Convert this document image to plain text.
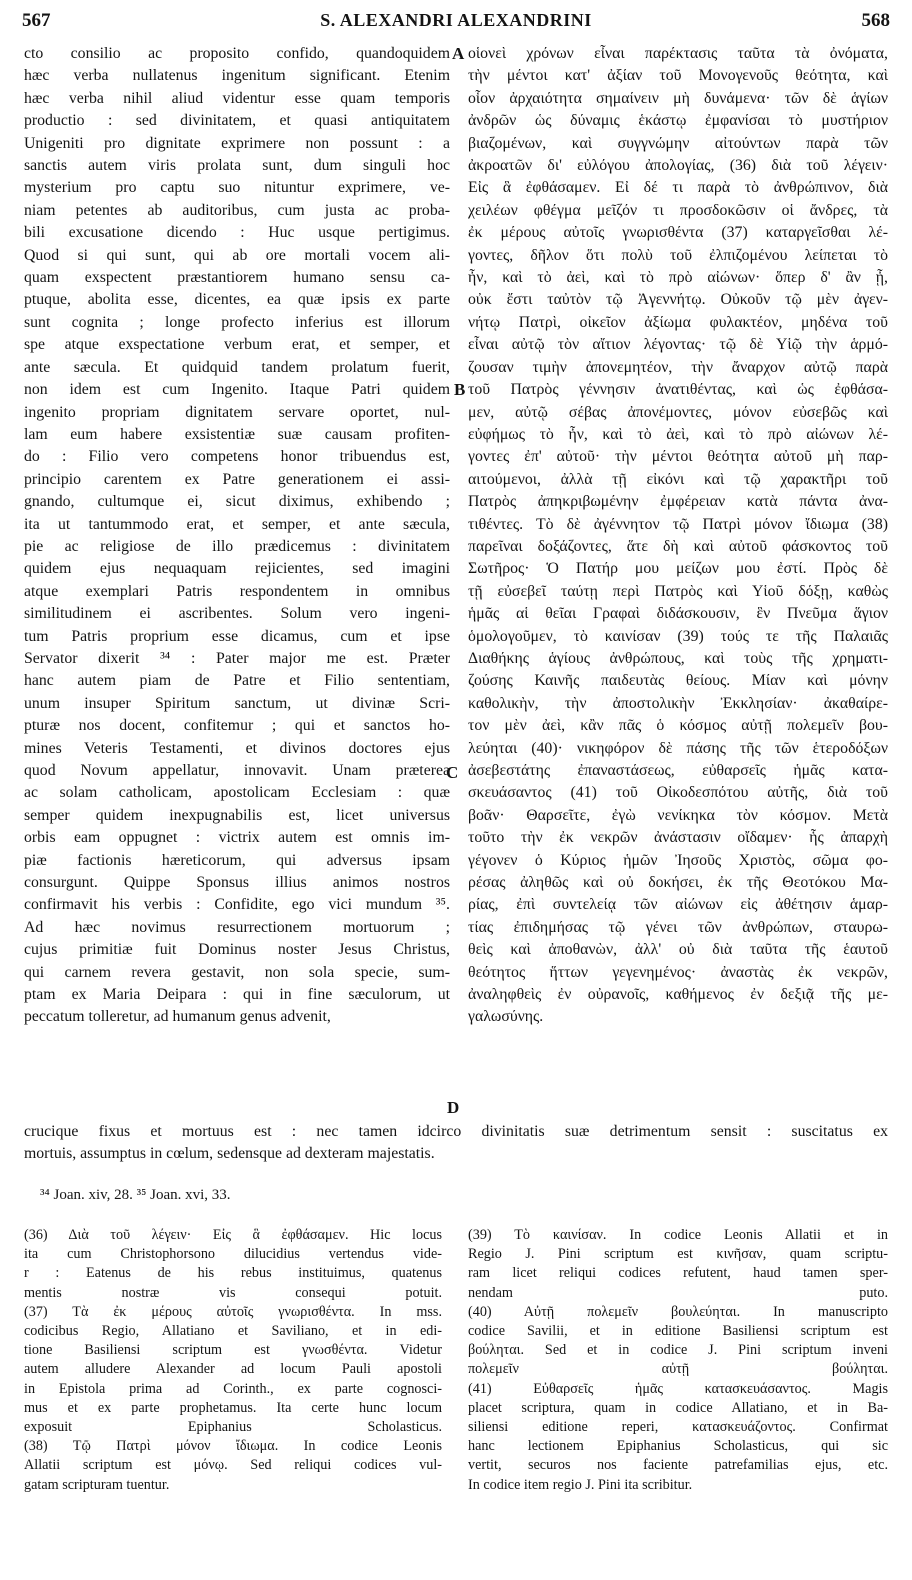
567	S. ALEXANDRI ALEXANDRINI	568
cto consilio ac proposito confido, quandoquidem
hæc verba nullatenus ingenitum significant. Etenim
hæc verba nihil aliud videntur esse quam temporis
productio : sed divinitatem, et quasi antiquitatem
Unigeniti pro dignitate exprimere non possunt : a
sanctis autem viris prolata sunt, dum singuli hoc
mysterium pro captu suo nituntur exprimere, ve-
niam petentes ab auditoribus, cum justa ac proba-
bili excusatione dicendo : Huc usque pertigimus.
Quod si qui sunt, qui ab ore mortali vocem ali-
quam exspectent præstantiorem humano sensu ca-
ptuque, abolita esse, dicentes, ea quæ ipsis ex parte
sunt cognita ; longe profecto inferius est illorum
spe atque exspectatione verbum erat, et semper, et
ante sæcula. Et quidquid tandem prolatum fuerit,
non idem est cum Ingenito. Itaque Patri quidem
ingenito propriam dignitatem servare oportet, nul-
lam eum habere exsistentiæ suæ causam profiten-
do : Filio vero competens honor tribuendus est,
principio carentem ex Patre generationem ei assi-
gnando, cultumque ei, sicut diximus, exhibendo ;
ita ut tantummodo erat, et semper, et ante sæcula,
pie ac religiose de illo prædicemus : divinitatem
quidem ejus nequaquam rejicientes, sed imagini
atque exemplari Patris respondentem in omnibus
similitudinem ei ascribentes. Solum vero ingeni-
tum Patris proprium esse dicamus, cum et ipse
Servator dixerit ³⁴ : Pater major me est. Præter
hanc autem piam de Patre et Filio sententiam,
unum insuper Spiritum sanctum, ut divinæ Scri-
pturæ nos docent, confitemur ; qui et sanctos ho-
mines Veteris Testamenti, et divinos doctores ejus
quod Novum appellatur, innovavit. Unam præterea
ac solam catholicam, apostolicam Ecclesiam : quæ
semper quidem inexpugnabilis est, licet universus
orbis eam oppugnet : victrix autem est omnis im-
piæ factionis hæreticorum, qui adversus ipsam
consurgunt. Quippe Sponsus illius animos nostros
confirmavit his verbis : Confidite, ego vici mundum ³⁵.
Ad hæc novimus resurrectionem mortuorum ;
cujus primitiæ fuit Dominus noster Jesus Christus,
qui carnem revera gestavit, non sola specie, sum-
ptam ex Maria Deipara : qui in fine sæculorum, ut
peccatum tolleretur, ad humanum genus advenit,
οἱονεὶ χρόνων εἶναι παρέκτασις ταῦτα τὰ ὀνόματα,
τὴν μέντοι κατ' ἀξίαν τοῦ Μονογενοῦς θεότητα, καὶ
οἷον ἀρχαιότητα σημαίνειν μὴ δυνάμενα· τῶν δὲ ἁγίων
ἀνδρῶν ὡς δύναμις ἑκάστῳ ἐμφανίσαι τὸ μυστήριον
βιαζομένων, καὶ συγγνώμην αἰτούντων παρὰ τῶν
ἀκροατῶν δι' εὐλόγου ἀπολογίας, (36) διὰ τοῦ λέγειν·
Εἰς ἃ ἐφθάσαμεν. Εἰ δέ τι παρὰ τὸ ἀνθρώπινον, διὰ
χειλέων φθέγμα μεῖζόν τι προσδοκῶσιν οἱ ἄνδρες, τὰ
ἐκ μέρους αὐτοῖς γνωρισθέντα (37) καταργεῖσθαι λέ-
γοντες, δῆλον ὅτι πολὺ τοῦ ἐλπιζομένου λείπεται τὸ
ἦν, καὶ τὸ ἀεὶ, καὶ τὸ πρὸ αἰώνων· ὅπερ δ' ἂν ᾖ,
οὐκ ἔστι ταὐτὸν τῷ Ἀγεννήτῳ. Οὐκοῦν τῷ μὲν ἀγεν-
νήτῳ Πατρὶ, οἰκεῖον ἀξίωμα φυλακτέον, μηδένα τοῦ
εἶναι αὐτῷ τὸν αἴτιον λέγοντας· τῷ δὲ Υἱῷ τὴν ἁρμό-
ζουσαν τιμὴν ἀπονεμητέον, τὴν ἄναρχον αὐτῷ παρὰ
τοῦ Πατρὸς γέννησιν ἀνατιθέντας, καὶ ὡς ἐφθάσα-
μεν, αὐτῷ σέβας ἀπονέμοντες, μόνον εὐσεβῶς καὶ
εὐφήμως τὸ ἦν, καὶ τὸ ἀεὶ, καὶ τὸ πρὸ αἰώνων λέ-
γοντες ἐπ' αὐτοῦ· τὴν μέντοι θεότητα αὐτοῦ μὴ παρ-
αιτούμενοι, ἀλλὰ τῇ εἰκόνι καὶ τῷ χαρακτῆρι τοῦ
Πατρὸς ἀπηκριβωμένην ἐμφέρειαν κατὰ πάντα ἀνα-
τιθέντες. Τὸ δὲ ἀγέννητον τῷ Πατρὶ μόνον ἴδιωμα (38)
παρεῖναι δοξάζοντες, ἅτε δὴ καὶ αὐτοῦ φάσκοντος τοῦ
Σωτῆρος· Ὁ Πατήρ μου μείζων μου ἐστί. Πρὸς δὲ
τῇ εὐσεβεῖ ταύτῃ περὶ Πατρὸς καὶ Υἱοῦ δόξῃ, καθὼς
ἡμᾶς αἱ θεῖαι Γραφαὶ διδάσκουσιν, ἓν Πνεῦμα ἅγιον
ὁμολογοῦμεν, τὸ καινίσαν (39) τούς τε τῆς Παλαιᾶς
Διαθήκης ἁγίους ἀνθρώπους, καὶ τοὺς τῆς χρηματι-
ζούσης Καινῆς παιδευτὰς θείους. Μίαν καὶ μόνην
καθολικὴν, τὴν ἀποστολικὴν Ἐκκλησίαν· ἀκαθαίρε-
τον μὲν ἀεὶ, κἂν πᾶς ὁ κόσμος αὐτῇ πολεμεῖν βου-
λεύηται (40)· νικηφόρον δὲ πάσης τῆς τῶν ἑτεροδόξων
ἀσεβεστάτης ἐπαναστάσεως, εὐθαρσεῖς ἡμᾶς κατα-
σκευάσαντος (41) τοῦ Οἰκοδεσπότου αὐτῆς, διὰ τοῦ
βοᾶν· Θαρσεῖτε, ἐγὼ νενίκηκα τὸν κόσμον. Μετὰ
τοῦτο τὴν ἐκ νεκρῶν ἀνάστασιν οἴδαμεν· ἧς ἀπαρχὴ
γέγονεν ὁ Κύριος ἡμῶν Ἰησοῦς Χριστὸς, σῶμα φο-
ρέσας ἀληθῶς καὶ οὐ δοκήσει, ἐκ τῆς Θεοτόκου Μα-
ρίας, ἐπὶ συντελείᾳ τῶν αἰώνων εἰς ἀθέτησιν ἁμαρ-
τίας ἐπιδημήσας τῷ γένει τῶν ἀνθρώπων, σταυρω-
θεὶς καὶ ἀποθανὼν, ἀλλ' οὐ διὰ ταῦτα τῆς ἑαυτοῦ
θεότητος ἥττων γεγενημένος· ἀναστὰς ἐκ νεκρῶν,
ἀναληφθεὶς ἐν οὐρανοῖς, καθήμενος ἐν δεξιᾷ τῆς με-
γαλωσύνης.
A
B
C
D
crucique fixus et mortuus est : nec tamen idcirco divinitatis suæ detrimentum sensit : suscitatus ex
mortuis, assumptus in cœlum, sedensque ad dexteram majestatis.
³⁴ Joan. xiv, 28. ³⁵ Joan. xvi, 33.
(36) Διὰ τοῦ λέγειν· Εἰς ἃ ἐφθάσαμεν. Hic locus
ita cum Christophorsono dilucidius vertendus vide-
r : Eatenus de his rebus instituimus, quatenus
mentis nostræ vis consequi potuit.
(37) Τὰ ἐκ μέρους αὐτοῖς γνωρισθέντα. In mss.
codicibus Regio, Allatiano et Saviliano, et in edi-
tione Basiliensi scriptum est γνωσθέντα. Videtur
autem alludere Alexander ad locum Pauli apostoli
in Epistola prima ad Corinth., ex parte cognosci-
mus et ex parte prophetamus. Ita certe hunc locum
exposuit Epiphanius Scholasticus.
(38) Τῷ Πατρὶ μόνον ἴδιωμα. In codice Leonis
Allatii scriptum est μόνῳ. Sed reliqui codices vul-
gatam scripturam tuentur.
(39) Τὸ καινίσαν. In codice Leonis Allatii et in
Regio J. Pini scriptum est κινῆσαν, quam scriptu-
ram licet reliqui codices refutent, haud tamen sper-
nendam puto.
(40) Αὐτῇ πολεμεῖν βουλεύηται. In manuscripto
codice Savilii, et in editione Basiliensi scriptum est
βούληται. Sed et in codice J. Pini scriptum inveni
πολεμεῖν αὐτῇ βούληται.
(41) Εὐθαρσεῖς ἡμᾶς κατασκευάσαντος. Magis
placet scriptura, quam in codice Allatiano, et in Ba-
siliensi editione reperi, κατασκευάζοντος. Confirmat
hanc lectionem Epiphanius Scholasticus, qui sic
vertit, securos nos faciente patrefamilias ejus, etc.
In codice item regio J. Pini ita scribitur.
